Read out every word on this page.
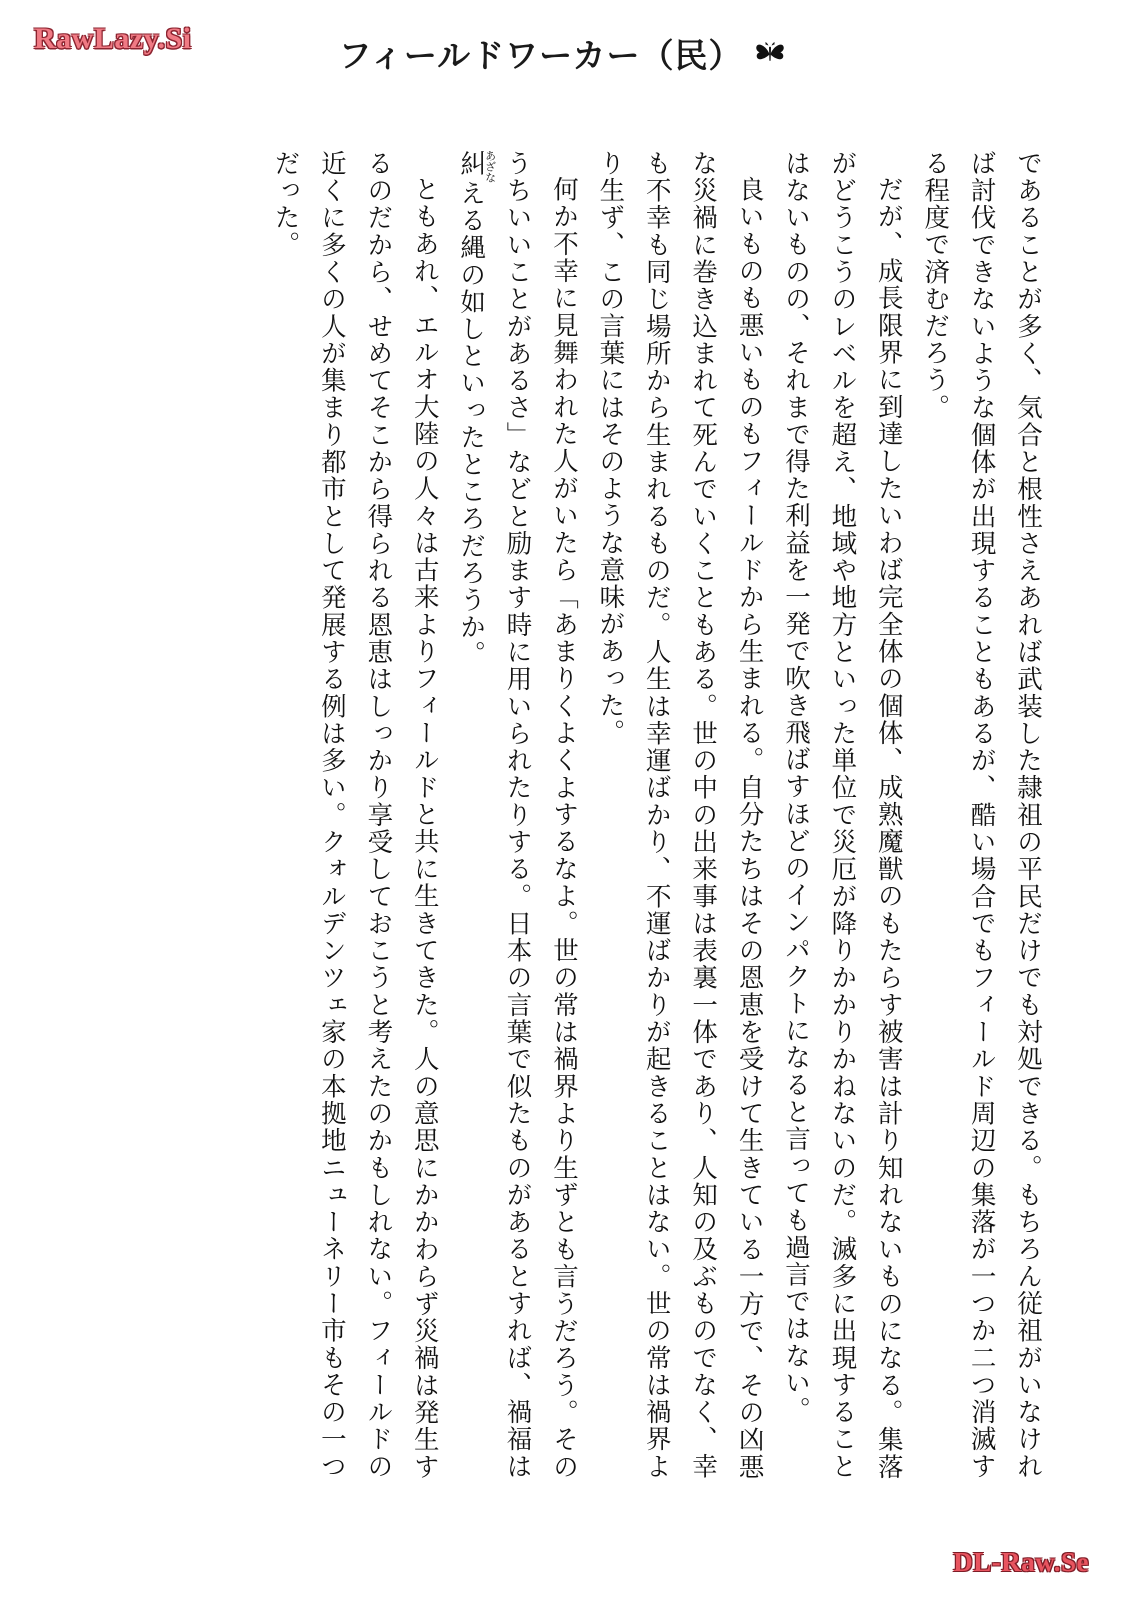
RawLazy.Si	フィールドワーカー（民）

であることが多く、気合と根性さえあれば武装した隷祖の平民だけでも対処できる。もちろん従祖がいなければ討伐できないような個体が出現することもあるが、酷い場合でもフィールド周辺の集落が一つか二つ消滅する程度で済むだろう。

だが、成長限界に到達したいわば完全体の個体、成熟魔獣のもたらす被害は計り知れないものになる。集落がどうこうのレベルを超え、地域や地方といった単位で災厄が降りかかりかねないのだ。滅多に出現することはないものの、それまで得た利益を一発で吹き飛ばすほどのインパクトになると言っても過言ではない。

良いものも悪いものもフィールドから生まれる。自分たちはその恩恵を受けて生きている一方で、その凶悪な災禍に巻き込まれて死んでいくこともある。世の中の出来事は表裏一体であり、人知の及ぶものでなく、幸も不幸も同じ場所から生まれるものだ。人生は幸運ばかり、不運ばかりが起きることはない。世の常は禍界より生ず、この言葉にはそのような意味があった。

何か不幸に見舞われた人がいたら「あまりくよくよするなよ。世の常は禍界より生ずとも言うだろう。そのうちいいことがあるさ」などと励ます時に用いられたりする。日本の言葉で似たものがあるとすれば、禍福は糾あざなえる縄の如しといったところだろうか。

ともあれ、エルオ大陸の人々は古来よりフィールドと共に生きてきた。人の意思にかかわらず災禍は発生するのだから、せめてそこから得られる恩恵はしっかり享受しておこうと考えたのかもしれない。フィールドの近くに多くの人が集まり都市として発展する例は多い。クォルデンツェ家の本拠地ニューネリー市もその一つだった。

DL-Raw.Se
